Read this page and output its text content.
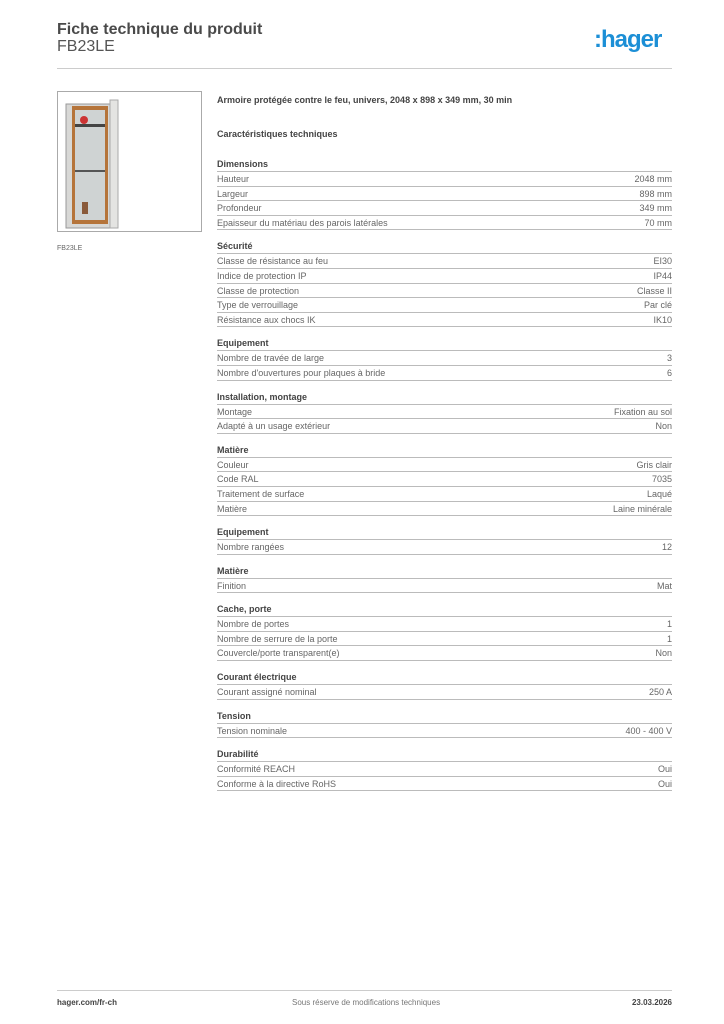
Fiche technique du produit
FB23LE	:hager
FB23LE
Armoire protégée contre le feu, univers, 2048 x 898 x 349 mm, 30 min
Caractéristiques techniques
Dimensions
Hauteur	2048 mm
Largeur	898 mm
Profondeur	349 mm
Epaisseur du matériau des parois latérales	70 mm
Sécurité
Classe de résistance au feu	EI30
Indice de protection IP	IP44
Classe de protection	Classe II
Type de verrouillage	Par clé
Résistance aux chocs IK	IK10
Equipement
Nombre de travée de large	3
Nombre d'ouvertures pour plaques à bride	6
Installation, montage
Montage	Fixation au sol
Adapté à un usage extérieur	Non
Matière
Couleur	Gris clair
Code RAL	7035
Traitement de surface	Laqué
Matière	Laine minérale
Equipement
Nombre rangées	12
Matière
Finition	Mat
Cache, porte
Nombre de portes	1
Nombre de serrure de la porte	1
Couvercle/porte transparent(e)	Non
Courant électrique
Courant assigné nominal	250 A
Tension
Tension nominale	400 - 400 V
Durabilité
Conformité REACH	Oui
Conforme à la directive RoHS	Oui
hager.com/fr-ch	Sous réserve de modifications techniques	23.03.2026
